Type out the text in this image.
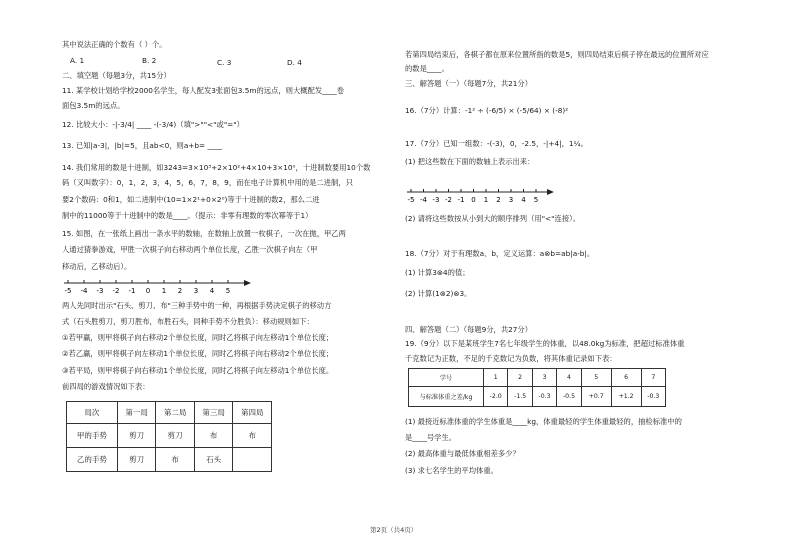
其中说法正确的个数有（ ）个。
A. 1	B. 2	C. 3	D. 4
二、填空题（每题3分，共15分）
11. 某学校计划给学校2000名学生，每人配发3张面包3.5m的远点，则大概配发____卷
面包3.5m的远点。
12. 比较大小：-|-3/4| ____ -(-3/4)（填">""<"或"="）
13. 已知|a-3|，|b|=5，且ab<0，则a+b= ____
14. 我们常用的数是十进制，如3243=3×10³+2×10²+4×10+3×10⁰，十进制数要用10个数
码（又叫数字）：0，1，2，3，4，5，6，7，8，9，而在电子计算机中用的是二进制，只
要2个数码：0和1，如二进制中(10=1×2¹+0×2⁰)等于十进制的数2，那么二进
制中的11000等于十进制中的数是____。（提示：非零有理数的零次幂等于1）
15. 如图，在一张纸上画出一条水平的数轴，在数轴上放置一枚棋子，一次在抛，甲乙两
人通过猜拳游戏，甲胜一次棋子向右移动两个单位长度，乙胜一次棋子向左（甲
移动后，乙移动后）。
-5 -4 -3 -2 -1 0 1 2 3 4 5
两人先同时出示"石头、剪刀、布"三种手势中的一种，再根据手势决定棋子的移动方
式（石头胜剪刀，剪刀胜布，布胜石头，同种手势不分胜负）：移动规则如下：
①若甲赢，则甲将棋子向右移动2个单位长度，同时乙将棋子向左移动1个单位长度；
②若乙赢，则甲将棋子向左移动1个单位长度，同时乙将棋子向右移动2个单位长度；
③若平局，则甲将棋子向右移动1个单位长度，同时乙将棋子向左移动1个单位长度。
前四局的游戏情况如下表：
局次	第一局	第二局	第三局	第四局
甲的手势	剪刀	剪刀	布	布
乙的手势	剪刀	布	石头	
若第四局结束后，各棋子都在原来位置所指的数是5，则四局结束后棋子停在最远的位置所对应
的数是____。
三、解答题（一）（每题7分，共21分）
16.（7分）计算：-1² ÷ (-6/5) × (-5/64) × (-8)²
17.（7分）已知一组数：-(-3)，0，-2.5，-|+4|，1¼。
(1) 把这些数在下面的数轴上表示出来：
-5 -4 -3 -2 -1 0 1 2 3 4 5
(2) 请将这些数按从小到大的顺序排列（用"<"连接）。
18.（7分）对于有理数a、b，定义运算：a⊗b=ab|a-b|。
(1) 计算3⊗4的值；
(2) 计算(1⊗2)⊗3。
四、解答题（二）（每题9分，共27分）
19.（9分）以下是某班学生7名七年级学生的体重，以48.0kg为标准，把超过标准体重
千克数记为正数，不足的千克数记为负数，将其体重记录如下表：
学号	1	2	3	4	5	6	7
与标准体重之差/kg	-2.0	-1.5	-0.3	-0.5	+0.7	+1.2	-0.3
(1) 最接近标准体重的学生体重是____kg，体重最轻的学生体重最轻的，抽检标准中的
是____号学生。
(2) 最高体重与最低体重相差多少？
(3) 求七名学生的平均体重。
第2页（共4页）
